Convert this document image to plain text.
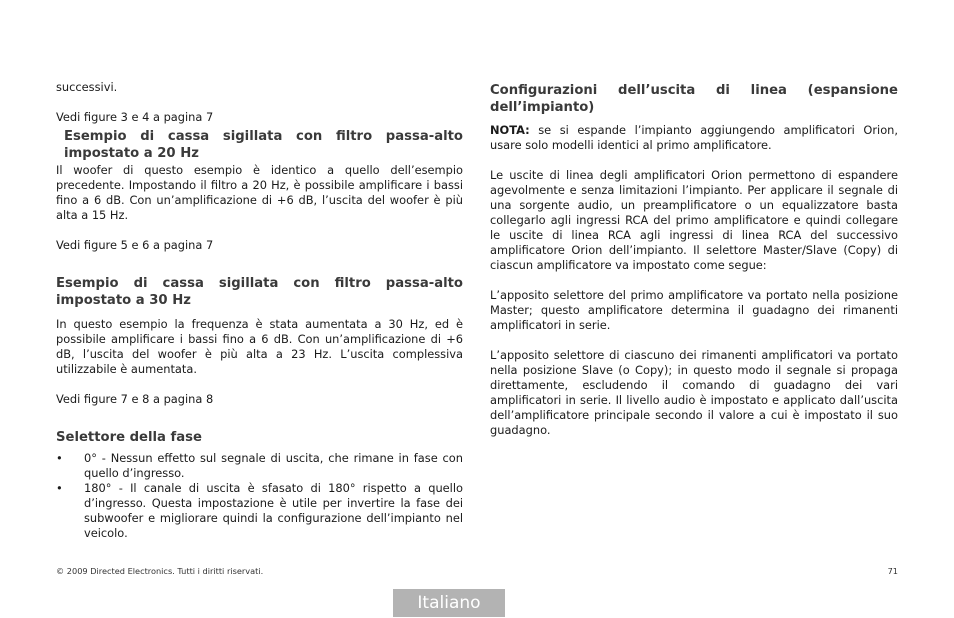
successivi.

Vedi figure 3 e 4 a pagina 7

Esempio di cassa sigillata con filtro passa-alto impostato a 20 Hz

Il woofer di questo esempio è identico a quello dell’esempio precedente. Impostando il filtro a 20 Hz, è possibile amplificare i bassi fino a 6 dB. Con un’amplificazione di +6 dB, l’uscita del woofer è più alta a 15 Hz.

Vedi figure 5 e 6 a pagina 7

Esempio di cassa sigillata con filtro passa-alto impostato a 30 Hz

In questo esempio la frequenza è stata aumentata a 30 Hz, ed è possibile amplificare i bassi fino a 6 dB. Con un’amplificazione di +6 dB, l’uscita del woofer è più alta a 23 Hz. L’uscita complessiva utilizzabile è aumentata.

Vedi figure 7 e 8 a pagina 8

Selettore della fase
• 0° - Nessun effetto sul segnale di uscita, che rimane in fase con quello d’ingresso.
• 180° - Il canale di uscita è sfasato di 180° rispetto a quello d’ingresso. Questa impostazione è utile per invertire la fase dei subwoofer e migliorare quindi la configurazione dell’impianto nel veicolo.
Configurazioni dell’uscita di linea (espansione dell’impianto)

NOTA: se si espande l’impianto aggiungendo amplificatori Orion, usare solo modelli identici al primo amplificatore.

Le uscite di linea degli amplificatori Orion permettono di espandere agevolmente e senza limitazioni l’impianto. Per applicare il segnale di una sorgente audio, un preamplificatore o un equalizzatore basta collegarlo agli ingressi RCA del primo amplificatore e quindi collegare le uscite di linea RCA agli ingressi di linea RCA del successivo amplificatore Orion dell’impianto. Il selettore Master/Slave (Copy) di ciascun amplificatore va impostato come segue:

L’apposito selettore del primo amplificatore va portato nella posizione Master; questo amplificatore determina il guadagno dei rimanenti amplificatori in serie.

L’apposito selettore di ciascuno dei rimanenti amplificatori va portato nella posizione Slave (o Copy); in questo modo il segnale si propaga direttamente, escludendo il comando di guadagno dei vari amplificatori in serie. Il livello audio è impostato e applicato dall’uscita dell’amplificatore principale secondo il valore a cui è impostato il suo guadagno.

© 2009 Directed Electronics. Tutti i diritti riservati.	71
Italiano
